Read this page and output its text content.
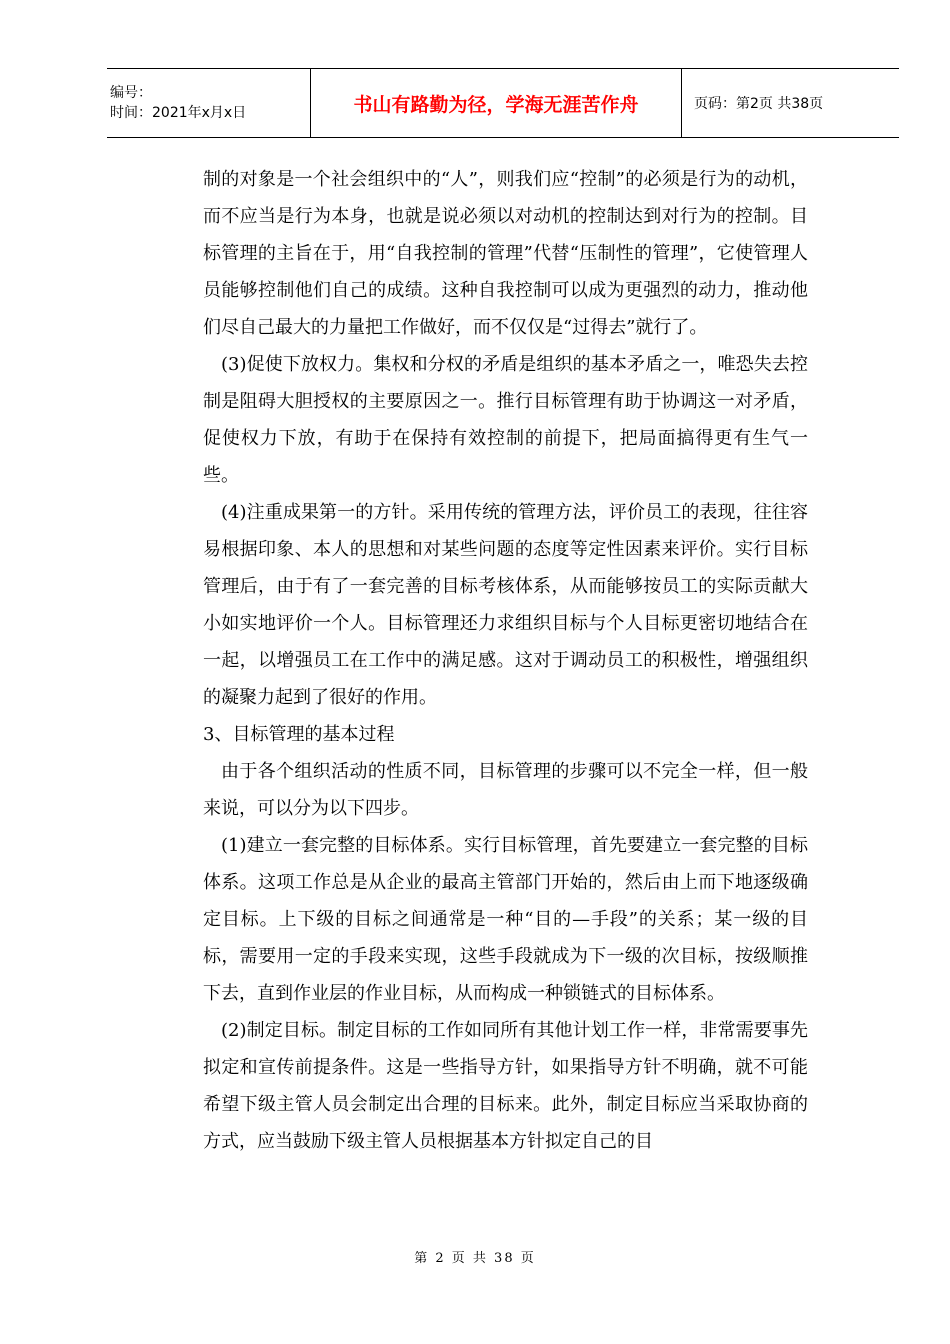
编号：
时间：2021年x月x日	书山有路勤为径，学海无涯苦作舟	页码：第2页 共38页

制的对象是一个社会组织中的“人”，则我们应“控制”的必须是行为的动机，而不应当是行为本身，也就是说必须以对动机的控制达到对行为的控制。目标管理的主旨在于，用“自我控制的管理”代替“压制性的管理”，它使管理人员能够控制他们自己的成绩。这种自我控制可以成为更强烈的动力，推动他们尽自己最大的力量把工作做好，而不仅仅是“过得去”就行了。

(3)促使下放权力。集权和分权的矛盾是组织的基本矛盾之一，唯恐失去控制是阻碍大胆授权的主要原因之一。推行目标管理有助于协调这一对矛盾，促使权力下放，有助于在保持有效控制的前提下，把局面搞得更有生气一些。

(4)注重成果第一的方针。采用传统的管理方法，评价员工的表现，往往容易根据印象、本人的思想和对某些问题的态度等定性因素来评价。实行目标管理后，由于有了一套完善的目标考核体系，从而能够按员工的实际贡献大小如实地评价一个人。目标管理还力求组织目标与个人目标更密切地结合在一起，以增强员工在工作中的满足感。这对于调动员工的积极性，增强组织的凝聚力起到了很好的作用。

3、目标管理的基本过程

由于各个组织活动的性质不同，目标管理的步骤可以不完全一样，但一般来说，可以分为以下四步。

(1)建立一套完整的目标体系。实行目标管理，首先要建立一套完整的目标体系。这项工作总是从企业的最高主管部门开始的，然后由上而下地逐级确定目标。上下级的目标之间通常是一种“目的—手段”的关系；某一级的目标，需要用一定的手段来实现，这些手段就成为下一级的次目标，按级顺推下去，直到作业层的作业目标，从而构成一种锁链式的目标体系。

(2)制定目标。制定目标的工作如同所有其他计划工作一样，非常需要事先拟定和宣传前提条件。这是一些指导方针，如果指导方针不明确，就不可能希望下级主管人员会制定出合理的目标来。此外，制定目标应当采取协商的方式，应当鼓励下级主管人员根据基本方针拟定自己的目

第 2 页 共 38 页
